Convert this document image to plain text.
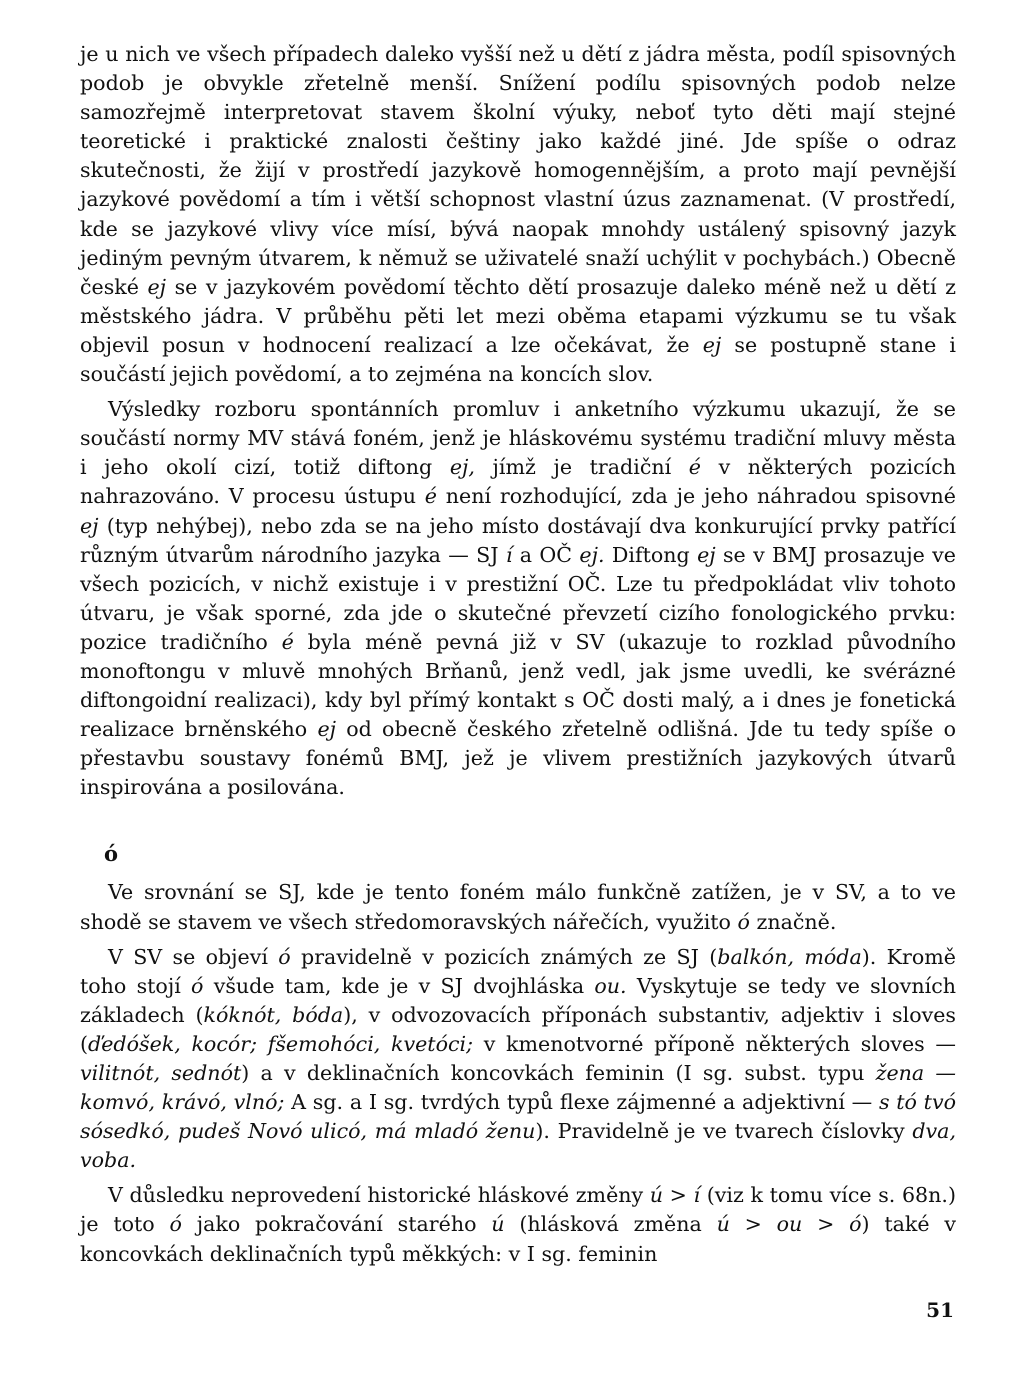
je u nich ve všech případech daleko vyšší než u dětí z jádra města, podíl spisovných podob je obvykle zřetelně menší. Snížení podílu spisovných podob nelze samozřejmě interpretovat stavem školní výuky, neboť tyto děti mají stejné teoretické i praktické znalosti češtiny jako každé jiné. Jde spíše o odraz skutečnosti, že žijí v prostředí jazykově homogennějším, a proto mají pevnější jazykové povědomí a tím i větší schopnost vlastní úzus zaznamenat. (V prostředí, kde se jazykové vlivy více mísí, bývá naopak mnohdy ustálený spisovný jazyk jediným pevným útvarem, k němuž se uživatelé snaží uchýlit v pochybách.) Obecně české ej se v jazykovém povědomí těchto dětí prosazuje daleko méně než u dětí z městského jádra. V průběhu pěti let mezi oběma etapami výzkumu se tu však objevil posun v hodnocení realizací a lze očekávat, že ej se postupně stane i součástí jejich povědomí, a to zejména na koncích slov.

Výsledky rozboru spontánních promluv i anketního výzkumu ukazují, že se součástí normy MV stává foném, jenž je hláskovému systému tradiční mluvy města i jeho okolí cizí, totiž diftong ej, jímž je tradiční é v některých pozicích nahrazováno. V procesu ústupu é není rozhodující, zda je jeho náhradou spisovné ej (typ nehýbej), nebo zda se na jeho místo dostávají dva konkurující prvky patřící různým útvarům národního jazyka — SJ í a OČ ej. Diftong ej se v BMJ prosazuje ve všech pozicích, v nichž existuje i v prestižní OČ. Lze tu předpokládat vliv tohoto útvaru, je však sporné, zda jde o skutečné převzetí cizího fonologického prvku: pozice tradičního é byla méně pevná již v SV (ukazuje to rozklad původního monoftongu v mluvě mnohých Brňanů, jenž vedl, jak jsme uvedli, ke svérázné diftongoidní realizaci), kdy byl přímý kontakt s OČ dosti malý, a i dnes je fonetická realizace brněnského ej od obecně českého zřetelně odlišná. Jde tu tedy spíše o přestavbu soustavy fonémů BMJ, jež je vlivem prestižních jazykových útvarů inspirována a posilována.

ó

Ve srovnání se SJ, kde je tento foném málo funkčně zatížen, je v SV, a to ve shodě se stavem ve všech středomoravských nářečích, využito ó značně.

V SV se objeví ó pravidelně v pozicích známých ze SJ (balkón, móda). Kromě toho stojí ó všude tam, kde je v SJ dvojhláska ou. Vyskytuje se tedy ve slovních základech (kóknót, bóda), v odvozovacích příponách substantiv, adjektiv i sloves (ďedóšek, kocór; fšemohóci, kvetóci; v kmenotvorné příponě některých sloves — vilitnót, sednót) a v deklinačních koncovkách feminin (I sg. subst. typu žena — komvó, krávó, vlnó; A sg. a I sg. tvrdých typů flexe zájmenné a adjektivní — s tó tvó sósedkó, pudeš Novó ulicó, má mladó ženu). Pravidelně je ve tvarech číslovky dva, voba.

V důsledku neprovedení historické hláskové změny ú > í (viz k tomu více s. 68n.) je toto ó jako pokračování starého ú (hlásková změna ú > ou > ó) také v koncovkách deklinačních typů měkkých: v I sg. feminin

51
